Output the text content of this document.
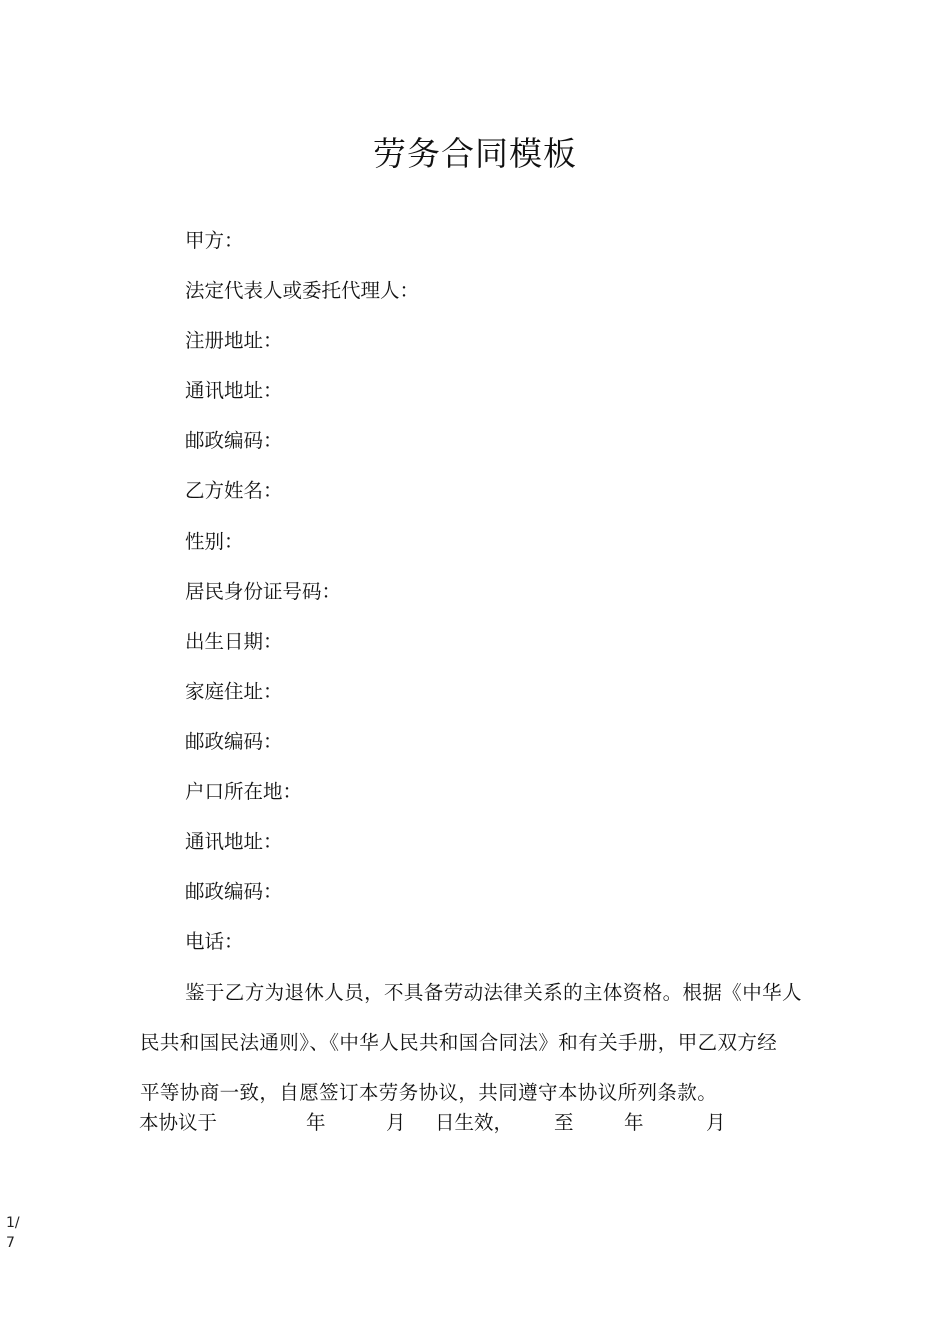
劳务合同模板
甲方：
法定代表人或委托代理人：
注册地址：
通讯地址：
邮政编码：
乙方姓名：
性别：
居民身份证号码：
出生日期：
家庭住址：
邮政编码：
户口所在地：
通讯地址：
邮政编码：
电话：
鉴于乙方为退休人员，不具备劳动法律关系的主体资格。根据《中华人
民共和国民法通则》、《中华人民共和国合同法》和有关手册，甲乙双方经
平等协商一致，自愿签订本劳务协议，共同遵守本协议所列条款。
本协议于	年	月 日生效， 至	年	月
1/
7
